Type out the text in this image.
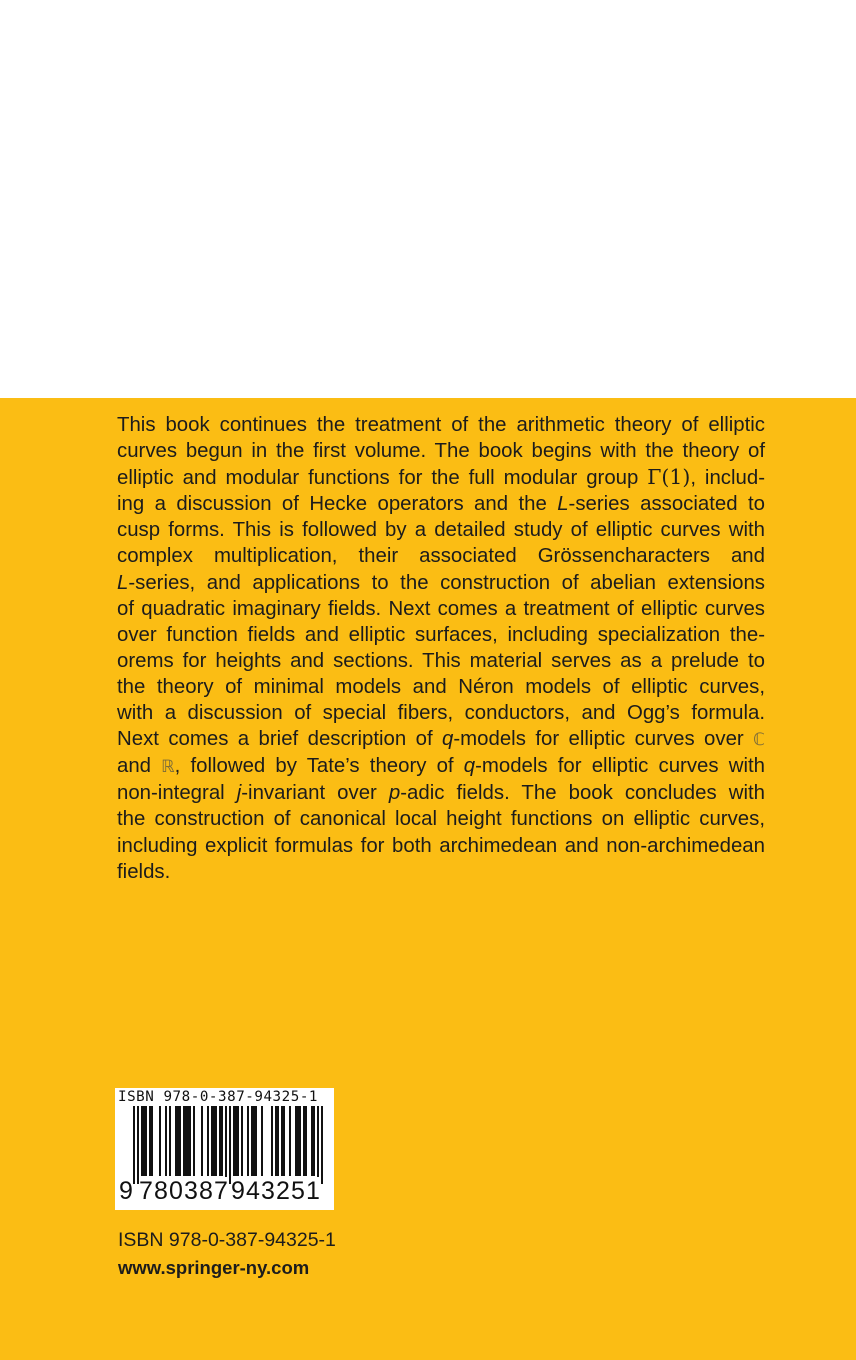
This book continues the treatment of the arithmetic theory of elliptic
curves begun in the first volume. The book begins with the theory of
elliptic and modular functions for the full modular group Γ(1), includ-
ing a discussion of Hecke operators and the L-series associated to
cusp forms. This is followed by a detailed study of elliptic curves with
complex multiplication, their associated Grössencharacters and
L-series, and applications to the construction of abelian extensions
of quadratic imaginary fields. Next comes a treatment of elliptic curves
over function fields and elliptic surfaces, including specialization the-
orems for heights and sections. This material serves as a prelude to
the theory of minimal models and Néron models of elliptic curves,
with a discussion of special fibers, conductors, and Ogg’s formula.
Next comes a brief description of q-models for elliptic curves over ℂ
and ℝ, followed by Tate’s theory of q-models for elliptic curves with
non-integral j-invariant over p-adic fields. The book concludes with
the construction of canonical local height functions on elliptic curves,
including explicit formulas for both archimedean and non-archimedean
fields.
ISBN 978-0-387-94325-1
9 780387 943251
ISBN 978-0-387-94325-1
www.springer-ny.com
